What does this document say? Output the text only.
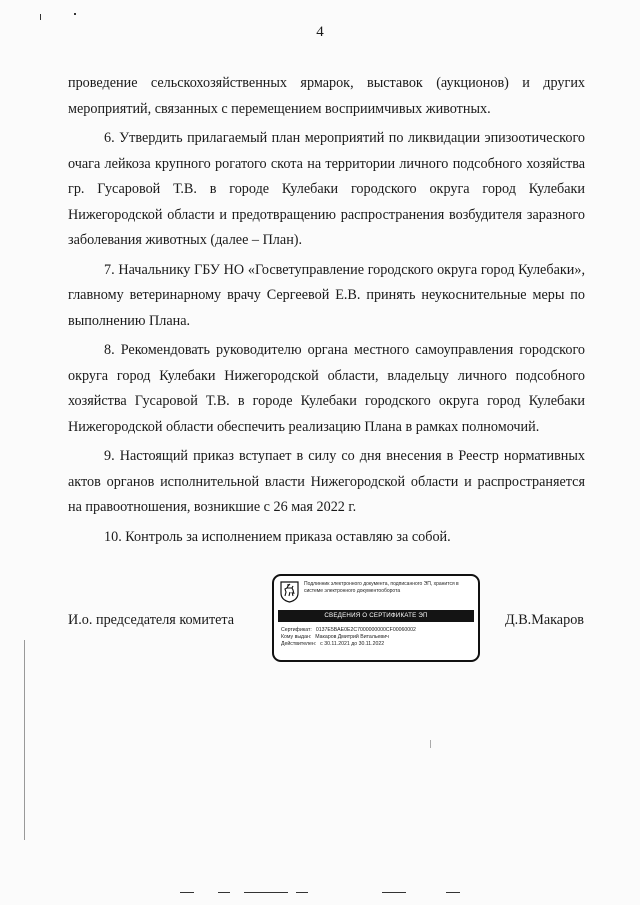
4

проведение сельскохозяйственных ярмарок, выставок (аукционов) и других мероприятий, связанных с перемещением восприимчивых животных.

6. Утвердить прилагаемый план мероприятий по ликвидации эпизоотического очага лейкоза крупного рогатого скота на территории личного подсобного хозяйства гр. Гусаровой Т.В. в городе Кулебаки городского округа город Кулебаки Нижегородской области и предотвращению распространения возбудителя заразного заболевания животных (далее – План).

7. Начальнику ГБУ НО «Госветуправление городского округа город Кулебаки», главному ветеринарному врачу Сергеевой Е.В. принять неукоснительные меры по выполнению Плана.

8. Рекомендовать руководителю органа местного самоуправления городского округа город Кулебаки Нижегородской области, владельцу личного подсобного хозяйства Гусаровой Т.В. в городе Кулебаки городского округа город Кулебаки Нижегородской области обеспечить реализацию Плана в рамках полномочий.

9. Настоящий приказ вступает в силу со дня внесения в Реестр нормативных актов органов исполнительной власти Нижегородской области и распространяется на правоотношения, возникшие с 26 мая 2022 г.

10. Контроль за исполнением приказа оставляю за собой.

И.о. председателя комитета	Д.В.Макаров
Подлинник электронного документа, подписанного ЭП, хранится в системе электронного документооборота
СВЕДЕНИЯ О СЕРТИФИКАТЕ ЭП
Сертификат: 0137E5BAE0E2C7000000000CF00060002
Кому выдан: Макаров Дмитрий Витальевич
Действителен: с 30.11.2021 до 30.11.2022
